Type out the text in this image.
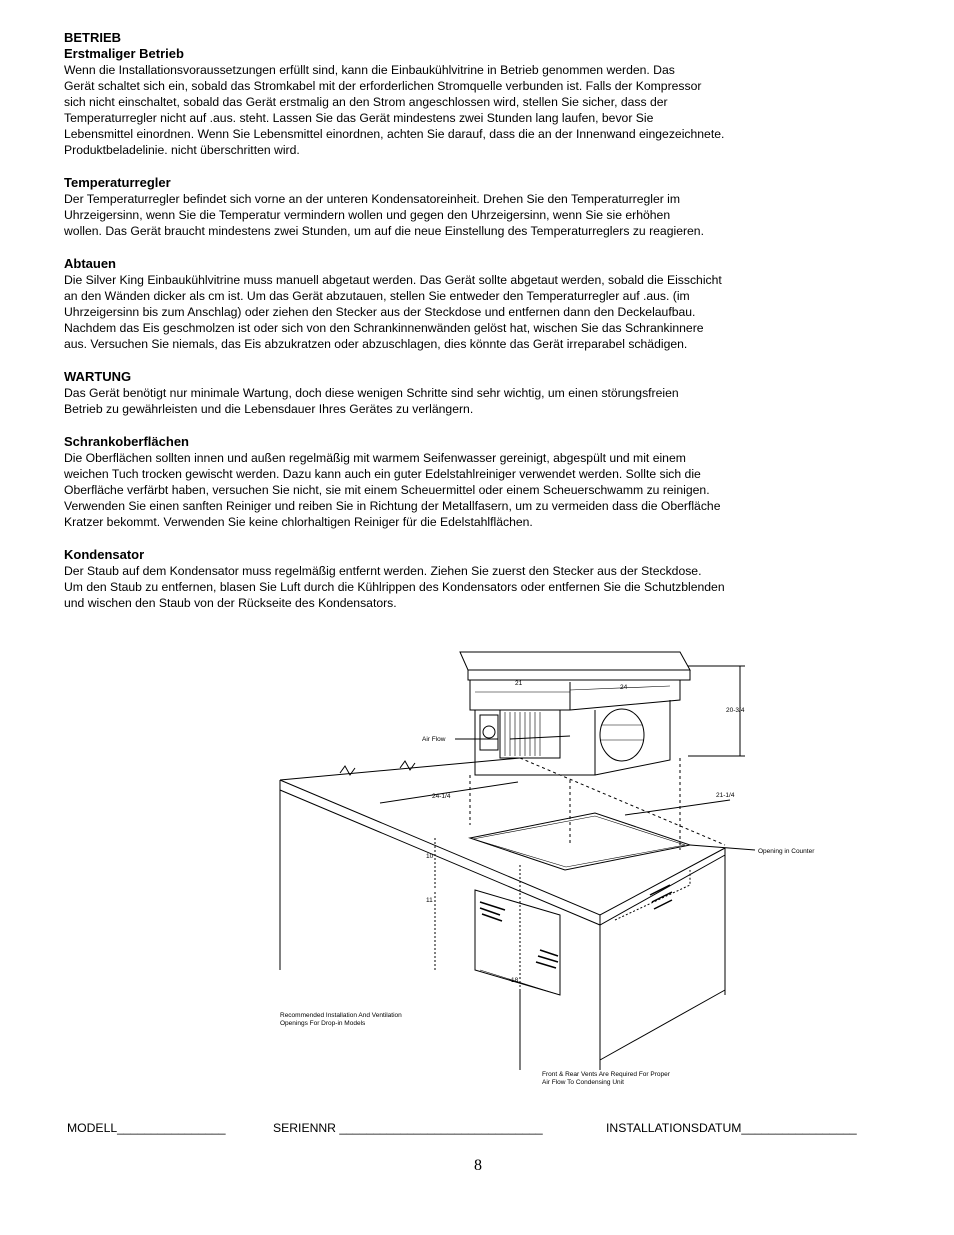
BETRIEB

Erstmaliger Betrieb

Wenn die Installationsvoraussetzungen erfüllt sind, kann die Einbaukühlvitrine in Betrieb genommen werden. Das
Gerät schaltet sich ein, sobald das Stromkabel mit der erforderlichen Stromquelle verbunden ist. Falls der Kompressor
sich nicht einschaltet, sobald das Gerät erstmalig an den Strom angeschlossen wird, stellen Sie sicher, dass der
Temperaturregler nicht auf .aus. steht. Lassen Sie das Gerät mindestens zwei Stunden lang laufen, bevor Sie
Lebensmittel einordnen. Wenn Sie Lebensmittel einordnen, achten Sie darauf, dass die an der Innenwand eingezeichnete.
Produktbeladelinie. nicht überschritten wird.

Temperaturregler

Der Temperaturregler befindet sich vorne an der unteren Kondensatoreinheit. Drehen Sie den Temperaturregler im
Uhrzeigersinn, wenn Sie die Temperatur vermindern wollen und gegen den Uhrzeigersinn, wenn Sie sie erhöhen
wollen. Das Gerät braucht mindestens zwei Stunden, um auf die neue Einstellung des Temperaturreglers zu reagieren.

Abtauen

Die Silver King Einbaukühlvitrine muss manuell abgetaut werden. Das Gerät sollte abgetaut werden, sobald die Eisschicht
an den Wänden dicker als cm ist. Um das Gerät abzutauen, stellen Sie entweder den Temperaturregler auf .aus. (im
Uhrzeigersinn bis zum Anschlag) oder ziehen den Stecker aus der Steckdose und entfernen dann den Deckelaufbau.
Nachdem das Eis geschmolzen ist oder sich von den Schrankinnenwänden gelöst hat, wischen Sie das Schrankinnere
aus. Versuchen Sie niemals, das Eis abzukratzen oder abzuschlagen, dies könnte das Gerät irreparabel schädigen.

WARTUNG

Das Gerät benötigt nur minimale Wartung, doch diese wenigen Schritte sind sehr wichtig, um einen störungsfreien
Betrieb zu gewährleisten und die Lebensdauer Ihres Gerätes zu verlängern.

Schrankoberflächen

Die Oberflächen sollten innen und außen regelmäßig mit warmem Seifenwasser gereinigt, abgespült und mit einem
weichen Tuch trocken gewischt werden. Dazu kann auch ein guter Edelstahlreiniger verwendet werden. Sollte sich die
Oberfläche verfärbt haben, versuchen Sie nicht, sie mit einem Scheuermittel oder einem Scheuerschwamm zu reinigen.
Verwenden Sie einen sanften Reiniger und reiben Sie in Richtung der Metallfasern, um zu vermeiden dass die Oberfläche
Kratzer bekommt. Verwenden Sie keine chlorhaltigen Reiniger für die Edelstahlflächen.

Kondensator

Der Staub auf dem Kondensator muss regelmäßig entfernt werden. Ziehen Sie zuerst den Stecker aus der Steckdose.
Um den Staub zu entfernen, blasen Sie Luft durch die Kühlrippen des Kondensators oder entfernen Sie die Schutzblenden
und wischen den Staub von der Rückseite des Kondensators.

21
24
20-3/4
Air Flow
24-1/4	21-1/4
Opening in Counter
10
11
18
Recommended Installation And Ventilation
Openings For Drop-in Models
Front & Rear Vents Are Required For Proper
Air Flow To Condensing Unit
MODELL________________	SERIENNR ______________________________	INSTALLATIONSDATUM_________________
8
